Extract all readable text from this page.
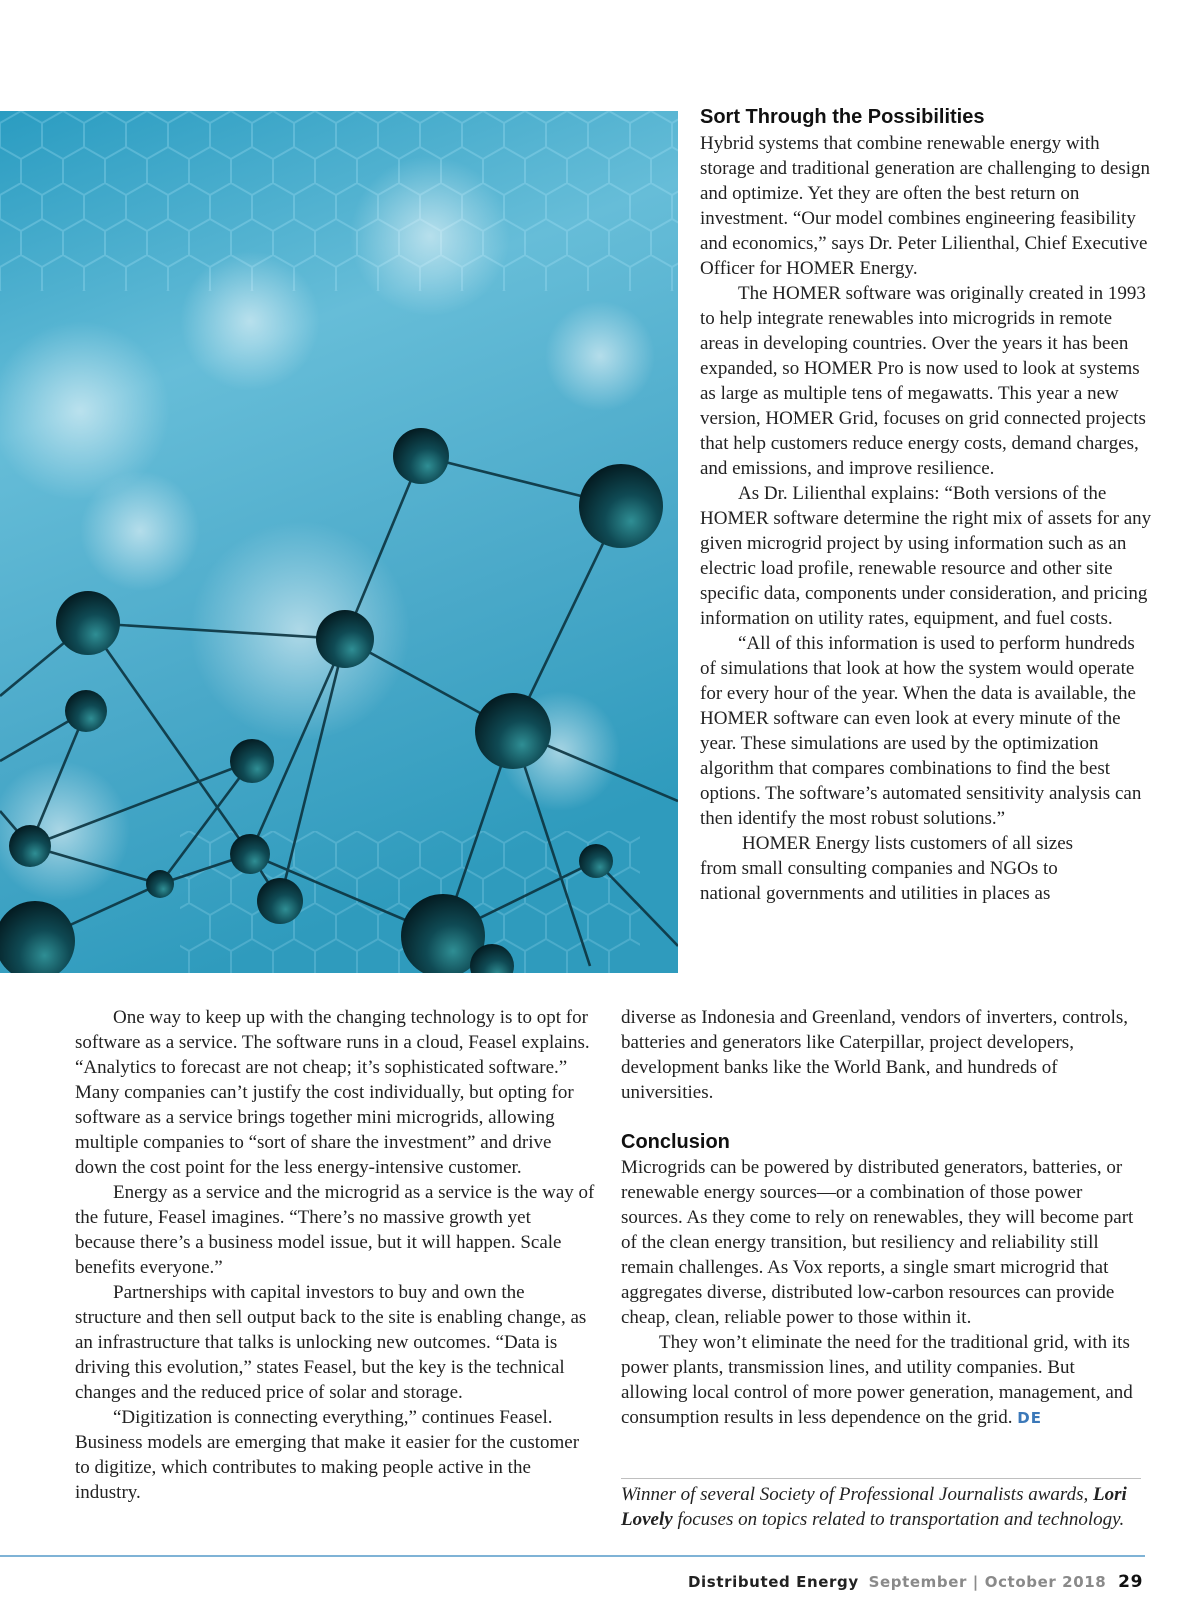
Sort Through the Possibilities

Hybrid systems that combine renewable energy with storage and traditional generation are challenging to design and optimize. Yet they are often the best return on investment. “Our model combines engineering feasibility and economics,” says Dr. Peter Lilienthal, Chief Executive Officer for HOMER Energy.

The HOMER software was originally created in 1993 to help integrate renewables into microgrids in remote areas in developing countries. Over the years it has been expanded, so HOMER Pro is now used to look at systems as large as multiple tens of megawatts. This year a new version, HOMER Grid, focuses on grid connected projects that help customers reduce energy costs, demand charges, and emissions, and improve resilience.

As Dr. Lilienthal explains: “Both versions of the HOMER software determine the right mix of assets for any given microgrid project by using information such as an electric load profile, renewable resource and other site specific data, components under consideration, and pricing information on utility rates, equipment, and fuel costs.

“All of this information is used to perform hundreds of simulations that look at how the system would operate for every hour of the year. When the data is available, the HOMER software can even look at every minute of the year. These simulations are used by the optimization algorithm that compares combinations to find the best options. The software’s automated sensitivity analysis can then identify the most robust solutions.”

HOMER Energy lists customers of all sizes

from small consulting companies and NGOs to

national governments and utilities in places as

diverse as Indonesia and Greenland, vendors of inverters, controls, batteries and generators like Caterpillar, project developers, development banks like the World Bank, and hundreds of universities.

Conclusion

Microgrids can be powered by distributed generators, batteries, or renewable energy sources—or a combination of those power sources. As they come to rely on renewables, they will become part of the clean energy transition, but resiliency and reliability still remain challenges. As Vox reports, a single smart microgrid that aggregates diverse, distributed low-carbon resources can provide cheap, clean, reliable power to those within it.

They won’t eliminate the need for the traditional grid, with its power plants, transmission lines, and utility companies. But allowing local control of more power generation, management, and consumption results in less dependence on the grid. DE

One way to keep up with the changing technology is to opt for software as a service. The software runs in a cloud, Feasel explains. “Analytics to forecast are not cheap; it’s sophisticated software.” Many companies can’t justify the cost individually, but opting for software as a service brings together mini microgrids, allowing multiple companies to “sort of share the investment” and drive down the cost point for the less energy-intensive customer.

Energy as a service and the microgrid as a service is the way of the future, Feasel imagines. “There’s no massive growth yet because there’s a business model issue, but it will happen. Scale benefits everyone.”

Partnerships with capital investors to buy and own the structure and then sell output back to the site is enabling change, as an infrastructure that talks is unlocking new outcomes. “Data is driving this evolution,” states Feasel, but the key is the technical changes and the reduced price of solar and storage.

“Digitization is connecting everything,” continues Feasel. Business models are emerging that make it easier for the customer to digitize, which contributes to making people active in the industry.	Winner of several Society of Professional Journalists awards, Lori Lovely focuses on topics related to transportation and technology.
Distributed Energy September | October 2018 29
